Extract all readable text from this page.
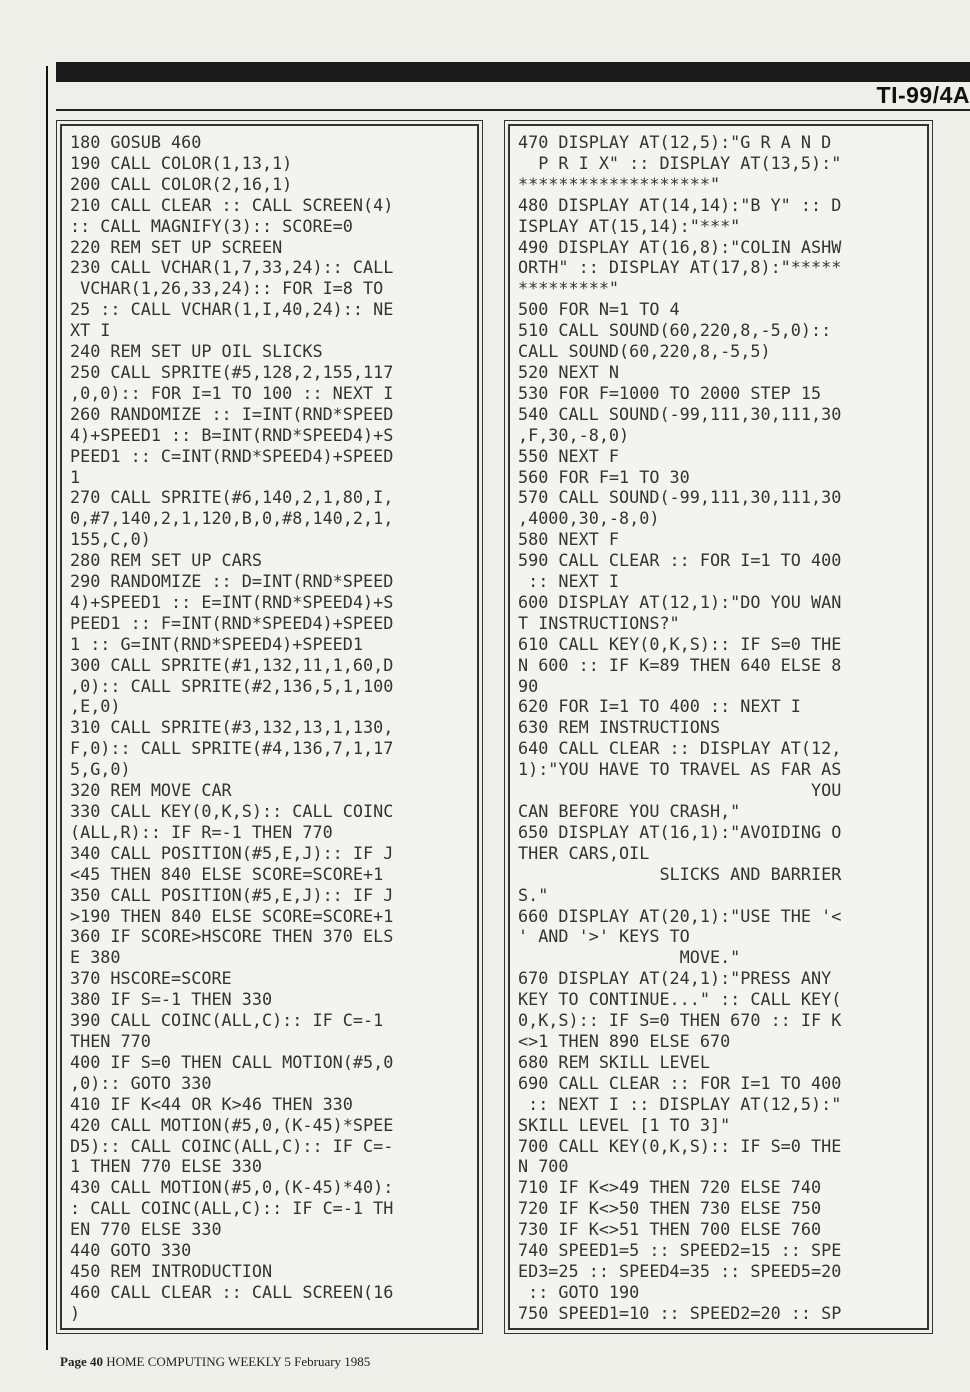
TI-99/4A
180 GOSUB 460
190 CALL COLOR(1,13,1)
200 CALL COLOR(2,16,1)
210 CALL CLEAR :: CALL SCREEN(4)
:: CALL MAGNIFY(3):: SCORE=0
220 REM SET UP SCREEN
230 CALL VCHAR(1,7,33,24):: CALL
VCHAR(1,26,33,24):: FOR I=8 TO
25 :: CALL VCHAR(1,I,40,24):: NE
XT I
240 REM SET UP OIL SLICKS
250 CALL SPRITE(#5,128,2,155,117
,0,0):: FOR I=1 TO 100 :: NEXT I
260 RANDOMIZE :: I=INT(RND*SPEED
4)+SPEED1 :: B=INT(RND*SPEED4)+S
PEED1 :: C=INT(RND*SPEED4)+SPEED
1
270 CALL SPRITE(#6,140,2,1,80,I,
0,#7,140,2,1,120,B,0,#8,140,2,1,
155,C,0)
280 REM SET UP CARS
290 RANDOMIZE :: D=INT(RND*SPEED
4)+SPEED1 :: E=INT(RND*SPEED4)+S
PEED1 :: F=INT(RND*SPEED4)+SPEED
1 :: G=INT(RND*SPEED4)+SPEED1
300 CALL SPRITE(#1,132,11,1,60,D
,0):: CALL SPRITE(#2,136,5,1,100
,E,0)
310 CALL SPRITE(#3,132,13,1,130,
F,0):: CALL SPRITE(#4,136,7,1,17
5,G,0)
320 REM MOVE CAR
330 CALL KEY(0,K,S):: CALL COINC
(ALL,R):: IF R=-1 THEN 770
340 CALL POSITION(#5,E,J):: IF J
<45 THEN 840 ELSE SCORE=SCORE+1
350 CALL POSITION(#5,E,J):: IF J
>190 THEN 840 ELSE SCORE=SCORE+1
360 IF SCORE>HSCORE THEN 370 ELS
E 380
370 HSCORE=SCORE
380 IF S=-1 THEN 330
390 CALL COINC(ALL,C):: IF C=-1
THEN 770
400 IF S=0 THEN CALL MOTION(#5,0
,0):: GOTO 330
410 IF K<44 OR K>46 THEN 330
420 CALL MOTION(#5,0,(K-45)*SPEE
D5):: CALL COINC(ALL,C):: IF C=-
1 THEN 770 ELSE 330
430 CALL MOTION(#5,0,(K-45)*40):
: CALL COINC(ALL,C):: IF C=-1 TH
EN 770 ELSE 330
440 GOTO 330
450 REM INTRODUCTION
460 CALL CLEAR :: CALL SCREEN(16
)

470 DISPLAY AT(12,5):"G R A N D
P R I X" :: DISPLAY AT(13,5):"
*******************"
480 DISPLAY AT(14,14):"B Y" :: D
ISPLAY AT(15,14):"***"
490 DISPLAY AT(16,8):"COLIN ASHW
ORTH" :: DISPLAY AT(17,8):"*****
*********"
500 FOR N=1 TO 4
510 CALL SOUND(60,220,8,-5,0)::
CALL SOUND(60,220,8,-5,5)
520 NEXT N
530 FOR F=1000 TO 2000 STEP 15
540 CALL SOUND(-99,111,30,111,30
,F,30,-8,0)
550 NEXT F
560 FOR F=1 TO 30
570 CALL SOUND(-99,111,30,111,30
,4000,30,-8,0)
580 NEXT F
590 CALL CLEAR :: FOR I=1 TO 400
:: NEXT I
600 DISPLAY AT(12,1):"DO YOU WAN
T INSTRUCTIONS?"
610 CALL KEY(0,K,S):: IF S=0 THE
N 600 :: IF K=89 THEN 640 ELSE 8
90
620 FOR I=1 TO 400 :: NEXT I
630 REM INSTRUCTIONS
640 CALL CLEAR :: DISPLAY AT(12,
1):"YOU HAVE TO TRAVEL AS FAR AS
YOU
CAN BEFORE YOU CRASH,"
650 DISPLAY AT(16,1):"AVOIDING O
THER CARS,OIL
SLICKS AND BARRIER
S."
660 DISPLAY AT(20,1):"USE THE '<
' AND '>' KEYS TO
MOVE."
670 DISPLAY AT(24,1):"PRESS ANY
KEY TO CONTINUE..." :: CALL KEY(
0,K,S):: IF S=0 THEN 670 :: IF K
<>1 THEN 890 ELSE 670
680 REM SKILL LEVEL
690 CALL CLEAR :: FOR I=1 TO 400
:: NEXT I :: DISPLAY AT(12,5):"
SKILL LEVEL [1 TO 3]"
700 CALL KEY(0,K,S):: IF S=0 THE
N 700
710 IF K<>49 THEN 720 ELSE 740
720 IF K<>50 THEN 730 ELSE 750
730 IF K<>51 THEN 700 ELSE 760
740 SPEED1=5 :: SPEED2=15 :: SPE
ED3=25 :: SPEED4=35 :: SPEED5=20
:: GOTO 190
750 SPEED1=10 :: SPEED2=20 :: SP

Page 40 HOME COMPUTING WEEKLY 5 February 1985
